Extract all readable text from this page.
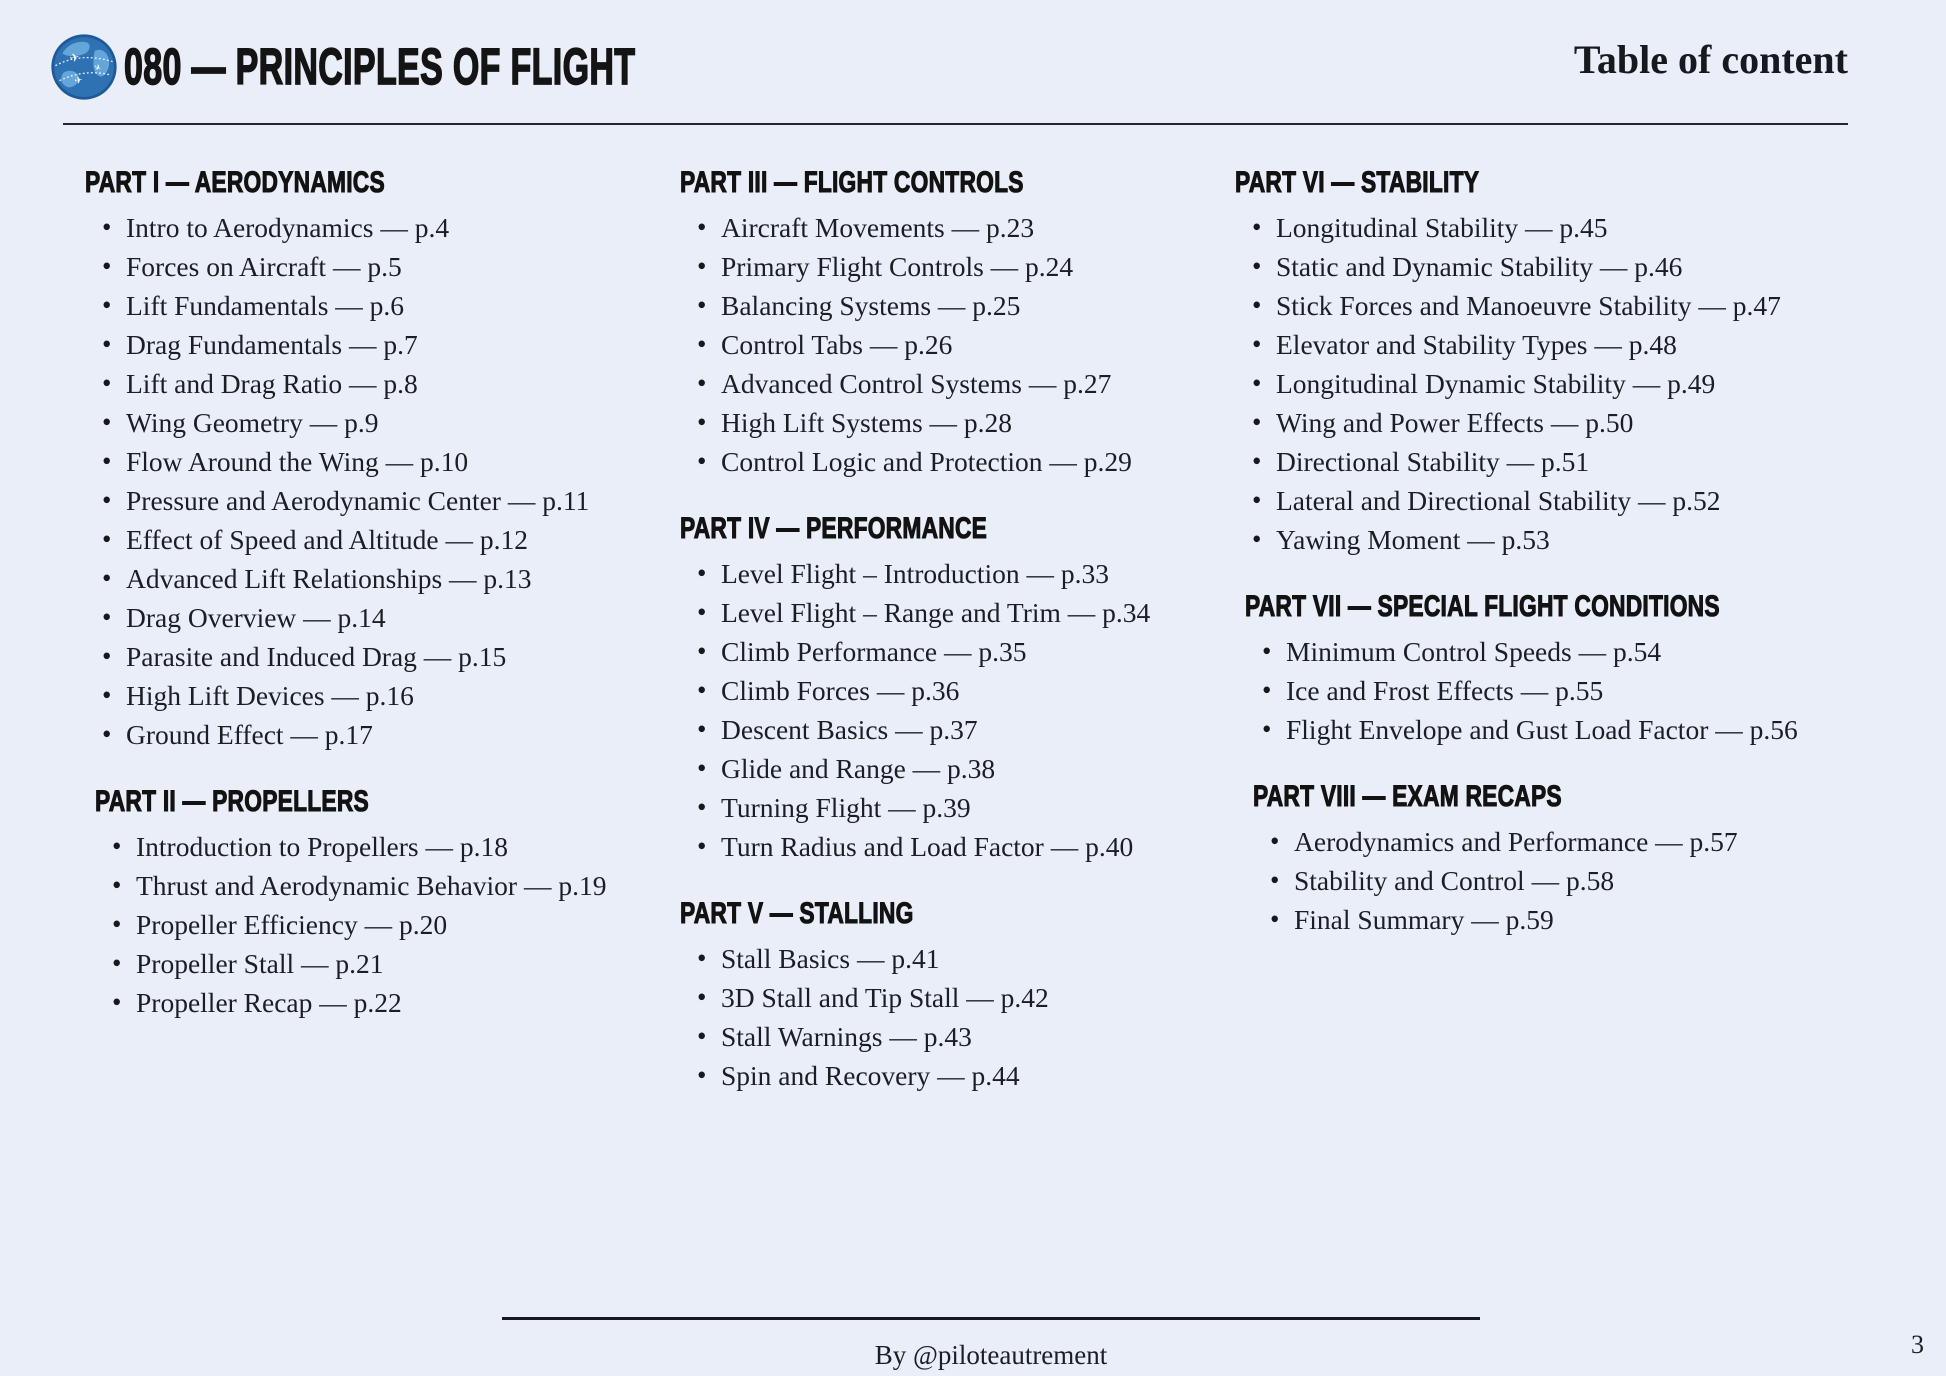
✈
✈
✈ 080 — PRINCIPLES OF FLIGHT	Table of content
PART I — AERODYNAMICS
• Intro to Aerodynamics — p.4
• Forces on Aircraft — p.5
• Lift Fundamentals — p.6
• Drag Fundamentals — p.7
• Lift and Drag Ratio — p.8
• Wing Geometry — p.9
• Flow Around the Wing — p.10
• Pressure and Aerodynamic Center — p.11
• Effect of Speed and Altitude — p.12
• Advanced Lift Relationships — p.13
• Drag Overview — p.14
• Parasite and Induced Drag — p.15
• High Lift Devices — p.16
• Ground Effect — p.17
PART II — PROPELLERS
• Introduction to Propellers — p.18
• Thrust and Aerodynamic Behavior — p.19
• Propeller Efficiency — p.20
• Propeller Stall — p.21
• Propeller Recap — p.22
PART III — FLIGHT CONTROLS
• Aircraft Movements — p.23
• Primary Flight Controls — p.24
• Balancing Systems — p.25
• Control Tabs — p.26
• Advanced Control Systems — p.27
• High Lift Systems — p.28
• Control Logic and Protection — p.29
PART IV — PERFORMANCE
• Level Flight – Introduction — p.33
• Level Flight – Range and Trim — p.34
• Climb Performance — p.35
• Climb Forces — p.36
• Descent Basics — p.37
• Glide and Range — p.38
• Turning Flight — p.39
• Turn Radius and Load Factor — p.40
PART V — STALLING
• Stall Basics — p.41
• 3D Stall and Tip Stall — p.42
• Stall Warnings — p.43
• Spin and Recovery — p.44
PART VI — STABILITY
• Longitudinal Stability — p.45
• Static and Dynamic Stability — p.46
• Stick Forces and Manoeuvre Stability — p.47
• Elevator and Stability Types — p.48
• Longitudinal Dynamic Stability — p.49
• Wing and Power Effects — p.50
• Directional Stability — p.51
• Lateral and Directional Stability — p.52
• Yawing Moment — p.53
PART VII — SPECIAL FLIGHT CONDITIONS
• Minimum Control Speeds — p.54
• Ice and Frost Effects — p.55
• Flight Envelope and Gust Load Factor — p.56
PART VIII — EXAM RECAPS
• Aerodynamics and Performance — p.57
• Stability and Control — p.58
• Final Summary — p.59
By @piloteautrement	3
